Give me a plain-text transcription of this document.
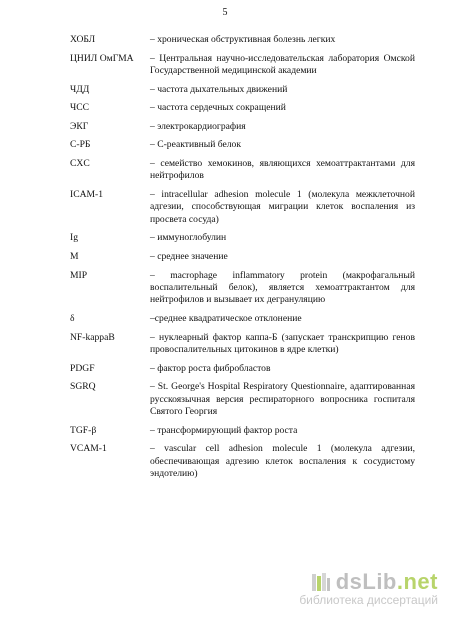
5
ХОБЛ	– хроническая обструктивная болезнь легких
ЦНИЛ ОмГМА	– Центральная научно-исследовательская лаборатория Омской Государственной медицинской академии
ЧДД	– частота дыхательных движений
ЧСС	– частота сердечных сокращений
ЭКГ	– электрокардиография
С-РБ	– С-реактивный белок
CXC	– семейство хемокинов, являющихся хемоаттрактантами для нейтрофилов
ICAM-1	– intracellular adhesion molecule 1 (молекула межклеточной адгезии, способствующая миграции клеток воспаления из просвета сосуда)
Ig	– иммуноглобулин
M	– среднее значение
MIP	– macrophage inflammatory protein (макрофагальный воспалительный белок), является хемоаттрактантом для нейтрофилов и вызывает их дегрануляцию
δ	–среднее квадратическое отклонение
NF-kappaB	– нуклеарный фактор каппа-Б (запускает транскрипцию генов провоспалительных цитокинов в ядре клетки)
PDGF	– фактор роста фибробластов
SGRQ	– St. George's Hospital Respiratory Questionnaire, адаптированная русскоязычная версия респираторного вопросника госпиталя Святого Георгия
TGF-β	– трансформирующий фактор роста
VCAM-1	– vascular cell adhesion molecule 1 (молекула адгезии, обеспечивающая адгезию клеток воспаления к сосудистому эндотелию)
dsLib.net
библиотека диссертаций
